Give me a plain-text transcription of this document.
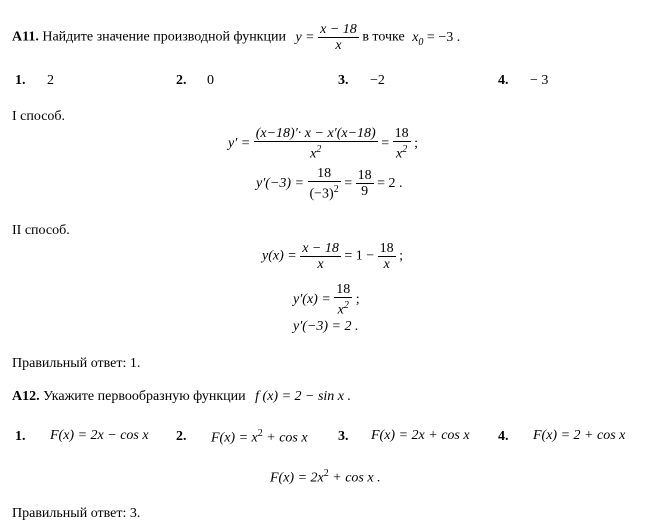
A11. Найдите значение производной функции $y = \frac{x - 18}{x}$ в точке $x_0 = -3$ .
1. 2	2. 0	3. −2	4. − 3
I способ.
$y' = \frac{(x-18)'\cdot x - x'(x-18)}{x^2} = \frac{18}{x^2}$ ;
$y'(-3) = \frac{18}{(-3)^2} = \frac{18}{9} = 2$ .
II способ.
$y(x) = \frac{x - 18}{x} = 1 - \frac{18}{x}$ ;
$y'(x) = \frac{18}{x^2}$ ;
y′(−3) = 2 .
Правильный ответ: 1.
A12. Укажите первообразную функции f (x) = 2 − sin x .
1. F(x) = 2x − cos x 2. $F(x) = x^2 + \cos x$ 3. F(x) = 2x + cos x 4. F(x) = 2 + cos x
$F(x) = 2x^2 + \cos x$ .
Правильный ответ: 3.
